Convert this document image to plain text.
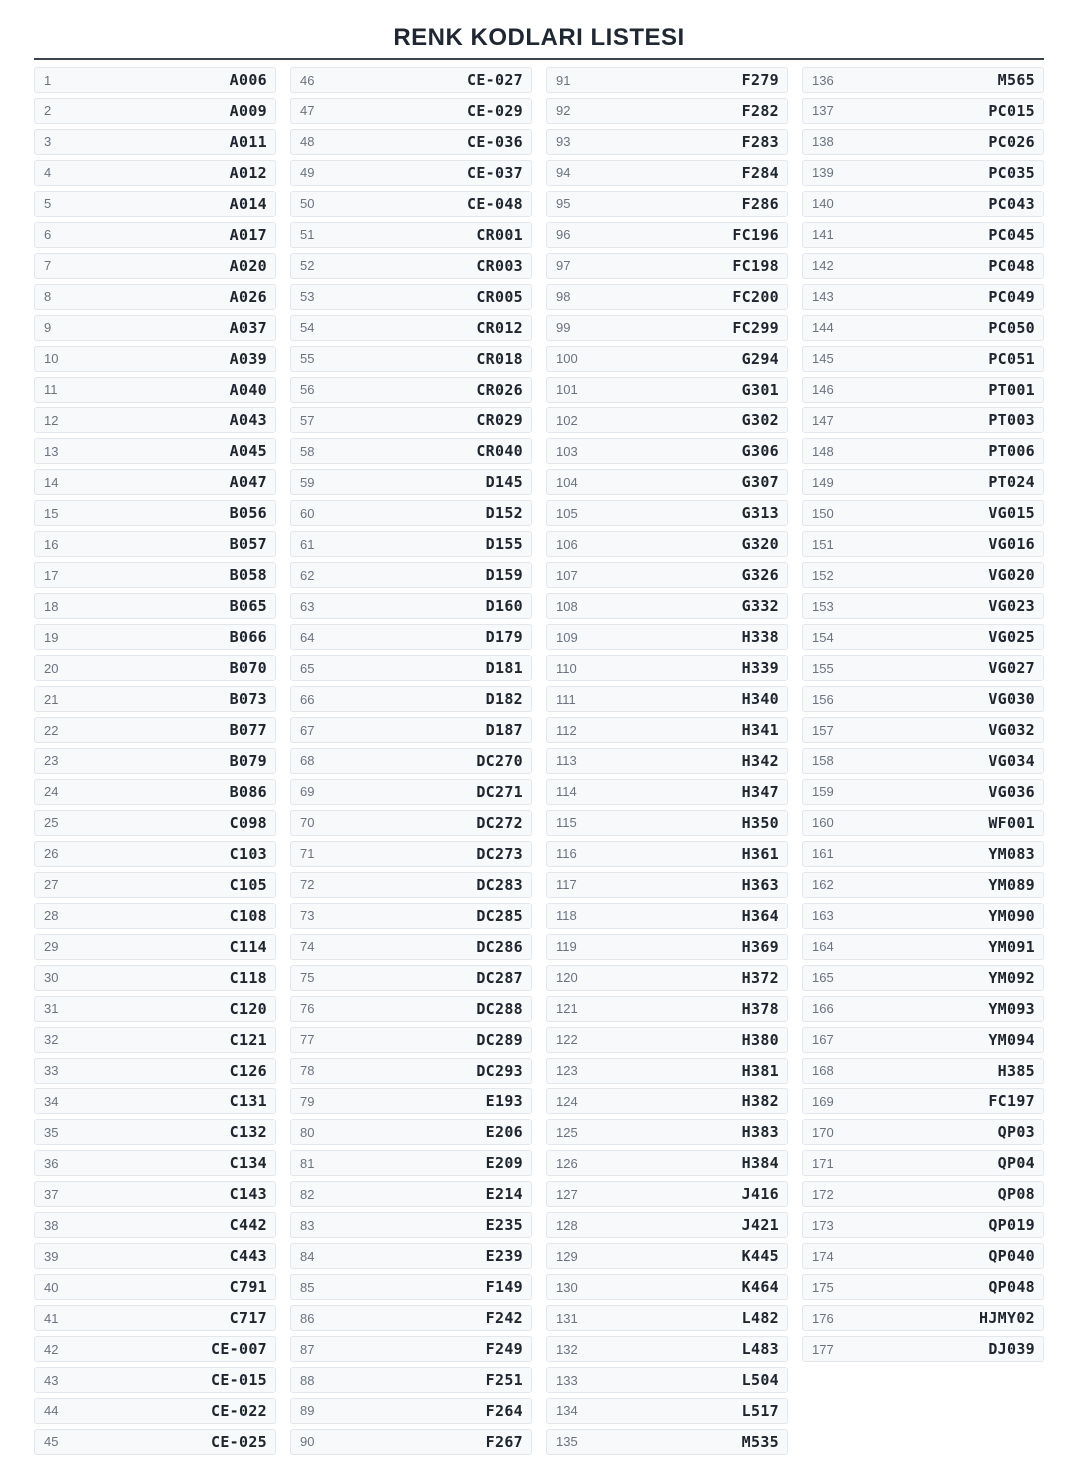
RENK KODLARI LISTESI
1	A006
2	A009
3	A011
4	A012
5	A014
6	A017
7	A020
8	A026
9	A037
10	A039
11	A040
12	A043
13	A045
14	A047
15	B056
16	B057
17	B058
18	B065
19	B066
20	B070
21	B073
22	B077
23	B079
24	B086
25	C098
26	C103
27	C105
28	C108
29	C114
30	C118
31	C120
32	C121
33	C126
34	C131
35	C132
36	C134
37	C143
38	C442
39	C443
40	C791
41	C717
42	CE-007
43	CE-015
44	CE-022
45	CE-025
46	CE-027
47	CE-029
48	CE-036
49	CE-037
50	CE-048
51	CR001
52	CR003
53	CR005
54	CR012
55	CR018
56	CR026
57	CR029
58	CR040
59	D145
60	D152
61	D155
62	D159
63	D160
64	D179
65	D181
66	D182
67	D187
68	DC270
69	DC271
70	DC272
71	DC273
72	DC283
73	DC285
74	DC286
75	DC287
76	DC288
77	DC289
78	DC293
79	E193
80	E206
81	E209
82	E214
83	E235
84	E239
85	F149
86	F242
87	F249
88	F251
89	F264
90	F267
91	F279
92	F282
93	F283
94	F284
95	F286
96	FC196
97	FC198
98	FC200
99	FC299
100	G294
101	G301
102	G302
103	G306
104	G307
105	G313
106	G320
107	G326
108	G332
109	H338
110	H339
111	H340
112	H341
113	H342
114	H347
115	H350
116	H361
117	H363
118	H364
119	H369
120	H372
121	H378
122	H380
123	H381
124	H382
125	H383
126	H384
127	J416
128	J421
129	K445
130	K464
131	L482
132	L483
133	L504
134	L517
135	M535
136	M565
137	PC015
138	PC026
139	PC035
140	PC043
141	PC045
142	PC048
143	PC049
144	PC050
145	PC051
146	PT001
147	PT003
148	PT006
149	PT024
150	VG015
151	VG016
152	VG020
153	VG023
154	VG025
155	VG027
156	VG030
157	VG032
158	VG034
159	VG036
160	WF001
161	YM083
162	YM089
163	YM090
164	YM091
165	YM092
166	YM093
167	YM094
168	H385
169	FC197
170	QP03
171	QP04
172	QP08
173	QP019
174	QP040
175	QP048
176	HJMY02
177	DJ039
